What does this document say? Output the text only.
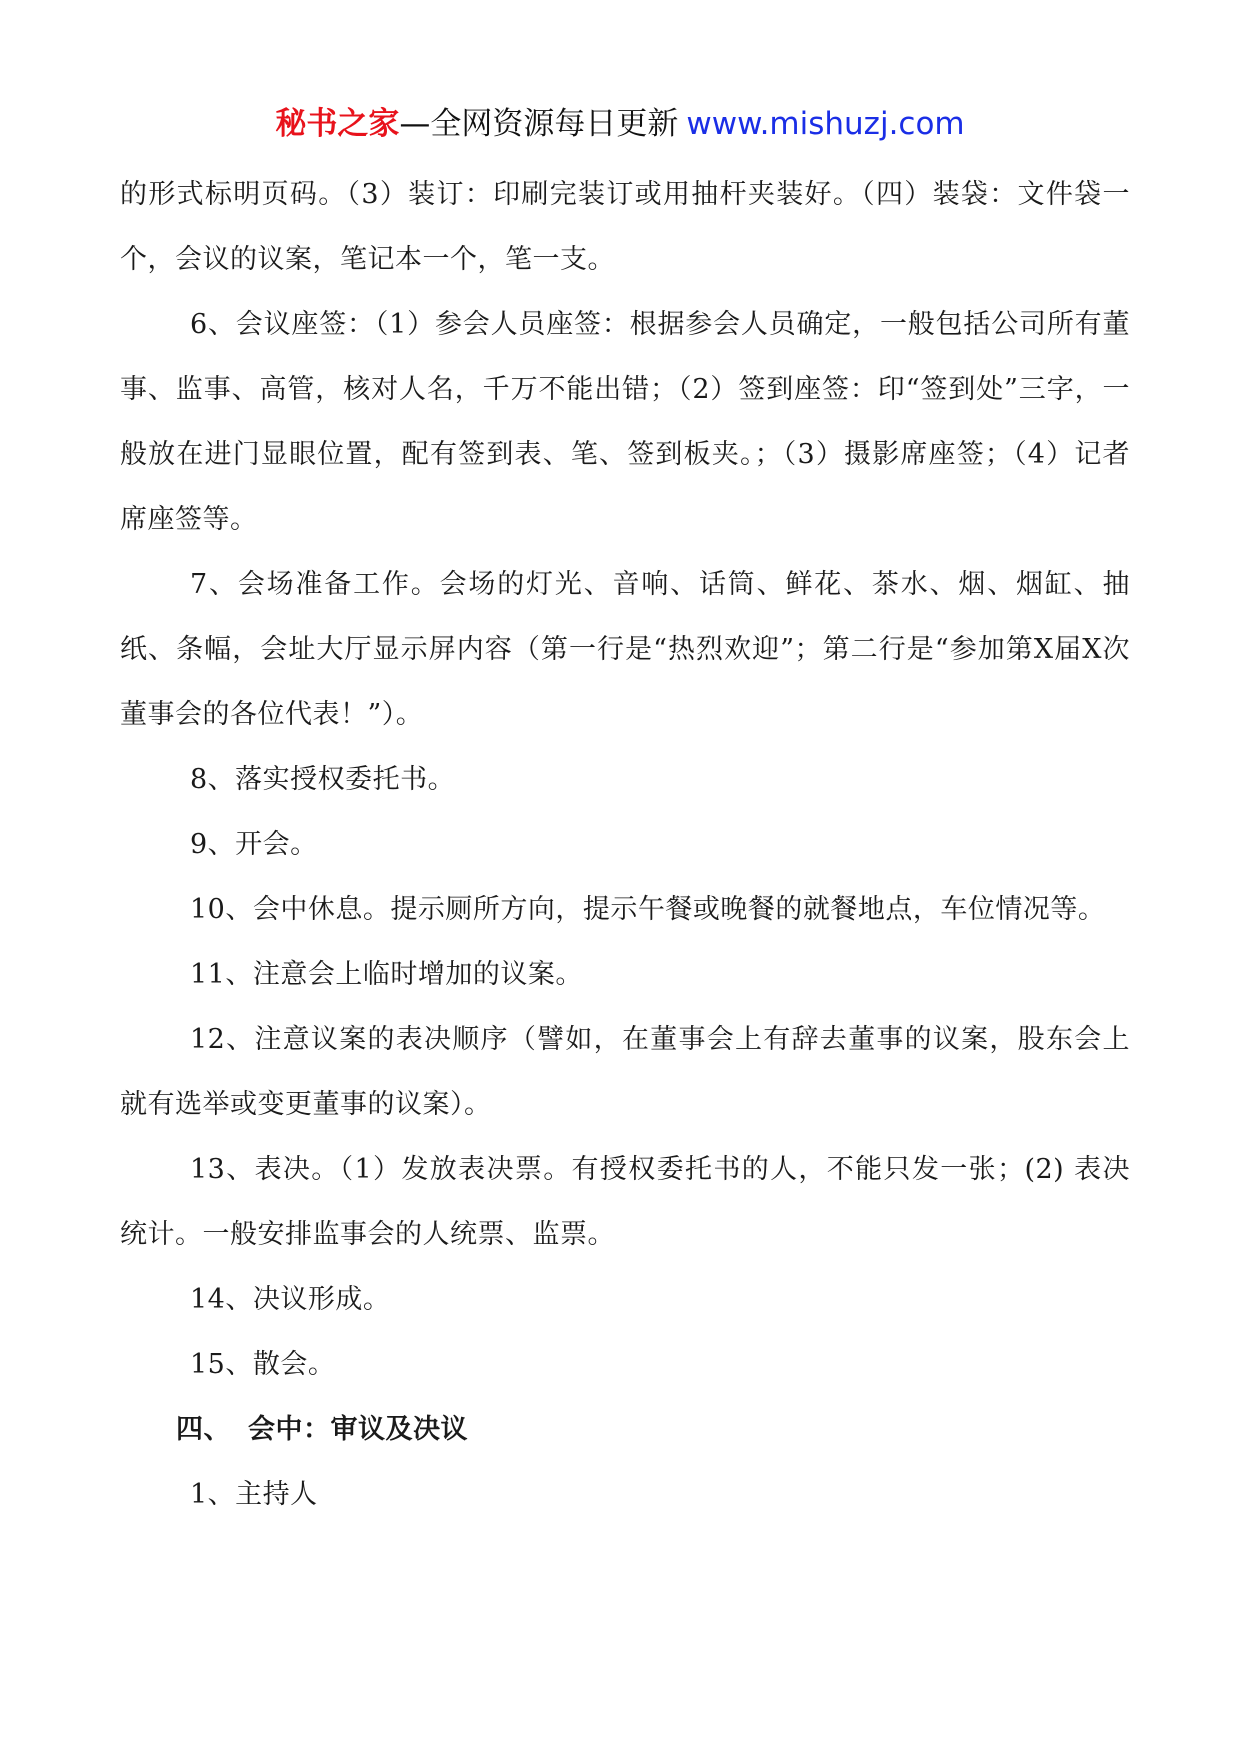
秘书之家—全网资源每日更新 www.mishuzj.com

的形式标明页码。（3）装订：印刷完装订或用抽杆夹装好。（四）装袋：文件袋一个，会议的议案，笔记本一个，笔一支。

6、会议座签：（1）参会人员座签：根据参会人员确定，一般包括公司所有董事、监事、高管，核对人名，千万不能出错；（2）签到座签：印“签到处”三字，一般放在进门显眼位置，配有签到表、笔、签到板夹。；（3）摄影席座签；（4）记者席座签等。

7、会场准备工作。会场的灯光、音响、话筒、鲜花、茶水、烟、烟缸、抽纸、条幅，会址大厅显示屏内容（第一行是“热烈欢迎”；第二行是“参加第X届X次董事会的各位代表！”）。

8、落实授权委托书。

9、开会。

10、会中休息。提示厕所方向，提示午餐或晚餐的就餐地点，车位情况等。

11、注意会上临时增加的议案。

12、注意议案的表决顺序（譬如，在董事会上有辞去董事的议案，股东会上就有选举或变更董事的议案）。

13、表决。（1）发放表决票。有授权委托书的人，不能只发一张；(2) 表决统计。一般安排监事会的人统票、监票。

14、决议形成。

15、散会。

四、 会中：审议及决议

1、主持人
